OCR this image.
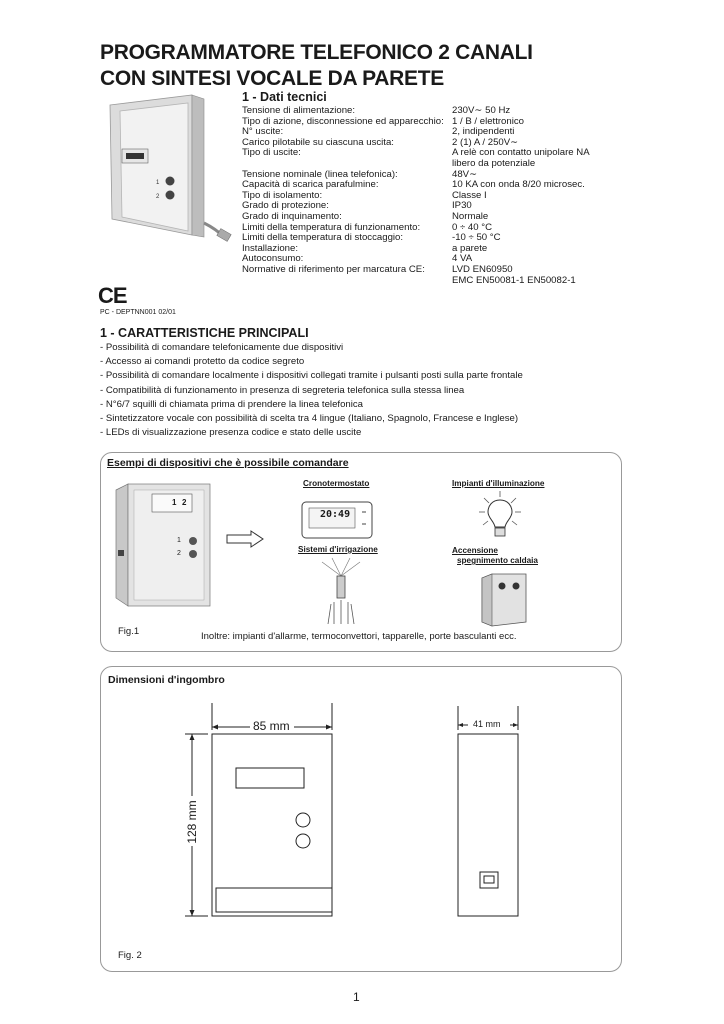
PROGRAMMATORE TELEFONICO 2 CANALI
CON SINTESI VOCALE DA PARETE
1
2
1 - Dati tecnici
Tensione di alimentazione:	230V∼ 50 Hz
Tipo di azione, disconnessione ed apparecchio: 1 / B / elettronico
N° uscite:	2, indipendenti
Carico pilotabile su ciascuna uscita:	2 (1) A / 250V∼
Tipo di uscite:	A relè con contatto unipolare NA
libero da potenziale
Tensione nominale (linea telefonica):	48V∼
Capacità di scarica parafulmine:	10 KA con onda 8/20 microsec.
Tipo di isolamento:	Classe I
Grado di protezione:	IP30
Grado di inquinamento:	Normale
Limiti della temperatura di funzionamento:	0 ÷ 40 °C
Limiti della temperatura di stoccaggio:	-10 ÷ 50 °C
Installazione:	a parete
Autoconsumo:	4 VA
Normative di riferimento per marcatura CE:	LVD EN60950
EMC EN50081-1 EN50082-1
CE
PC - DEPTNN001 02/01
1 - CARATTERISTICHE PRINCIPALI
- Possibilità di comandare telefonicamente due dispositivi
- Accesso ai comandi protetto da codice segreto
- Possibilità di comandare localmente i dispositivi collegati tramite i pulsanti posti sulla parte frontale
- Compatibilità di funzionamento in presenza di segreteria telefonica sulla stessa linea
- N°6/7 squilli di chiamata prima di prendere la linea telefonica
- Sintetizzatore vocale con possibilità di scelta tra 4 lingue (Italiano, Spagnolo, Francese e Inglese)
- LEDs di visualizzazione presenza codice e stato delle uscite
Esempi di dispositivi che è possibile comandare
1 2
1
2
Cronotermostato
20:49
Impianti d'illuminazione
Sistemi d'irrigazione	Accensione
spegnimento caldaia
Fig.1	Inoltre: impianti d'allarme, termoconvettori, tapparelle, porte basculanti ecc.
Dimensioni d'ingombro
85 mm	41 mm
128 mm
Fig. 2
1
